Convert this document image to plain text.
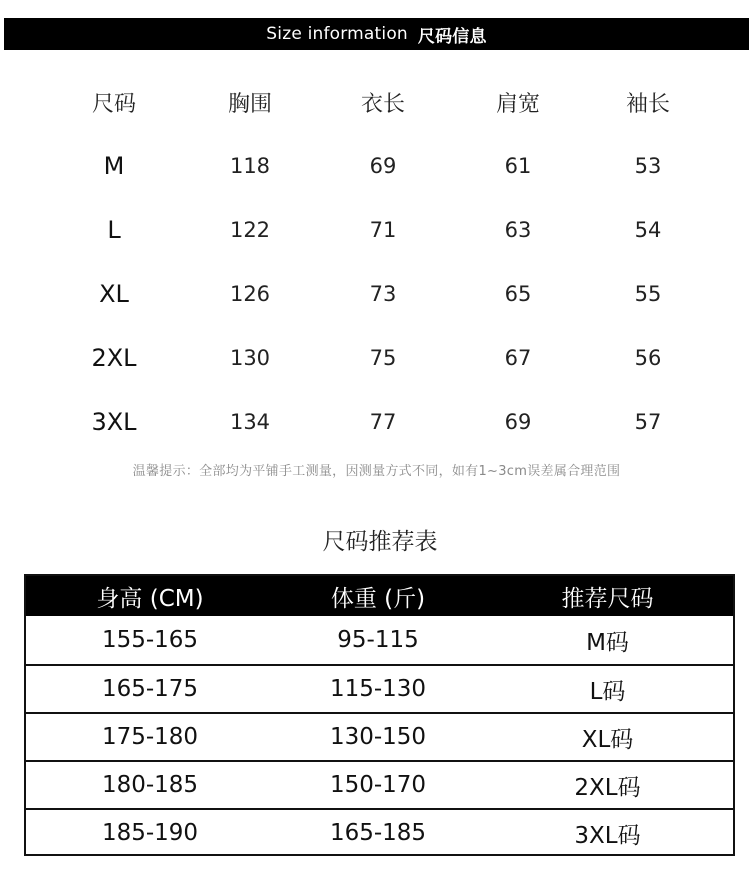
Size information 尺码信息
尺码	胸围	衣长	肩宽	袖长
M	118	69	61	53
L	122	71	63	54
XL	126	73	65	55
2XL	130	75	67	56
3XL	134	77	69	57
温馨提示：全部均为平铺手工测量，因测量方式不同，如有1~3cm误差属合理范围
尺码推荐表
身高 (CM)	体重 (斤)	推荐尺码
155-165	95-115	M码
165-175	115-130	L码
175-180	130-150	XL码
180-185	150-170	2XL码
185-190	165-185	3XL码
